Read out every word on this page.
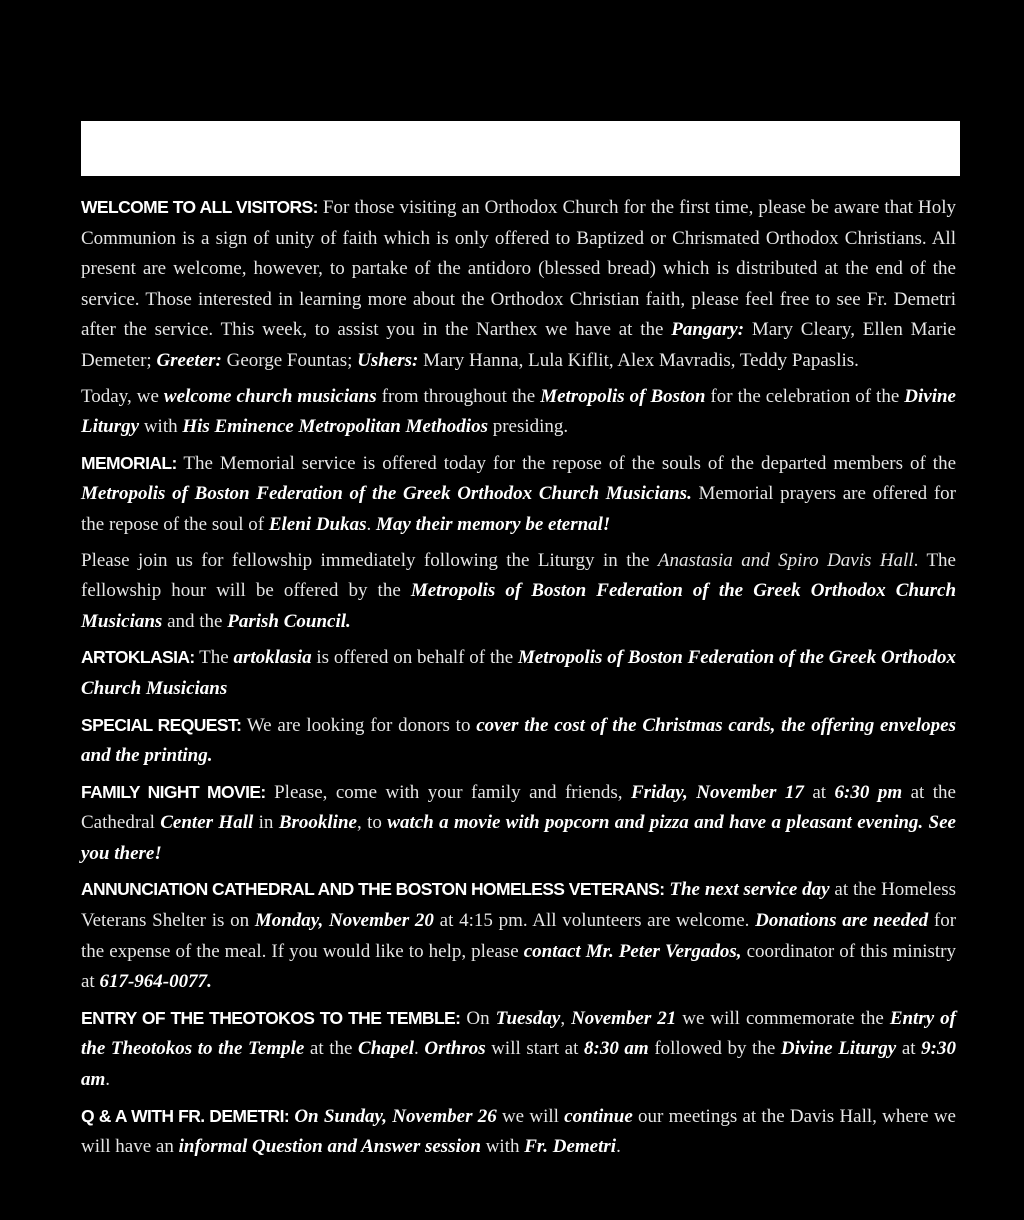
WELCOME TO ALL VISITORS: For those visiting an Orthodox Church for the first time, please be aware that Holy Communion is a sign of unity of faith which is only offered to Baptized or Chrismated Orthodox Christians. All present are welcome, however, to partake of the antidoro (blessed bread) which is distributed at the end of the service. Those interested in learning more about the Orthodox Christian faith, please feel free to see Fr. Demetri after the service. This week, to assist you in the Narthex we have at the Pangary: Mary Cleary, Ellen Marie Demeter; Greeter: George Fountas; Ushers: Mary Hanna, Lula Kiflit, Alex Mavradis, Teddy Papaslis.

Today, we welcome church musicians from throughout the Metropolis of Boston for the celebration of the Divine Liturgy with His Eminence Metropolitan Methodios presiding.

MEMORIAL: The Memorial service is offered today for the repose of the souls of the departed members of the Metropolis of Boston Federation of the Greek Orthodox Church Musicians. Memorial prayers are offered for the repose of the soul of Eleni Dukas. May their memory be eternal!

Please join us for fellowship immediately following the Liturgy in the Anastasia and Spiro Davis Hall. The fellowship hour will be offered by the Metropolis of Boston Federation of the Greek Orthodox Church Musicians and the Parish Council.

ARTOKLASIA: The artoklasia is offered on behalf of the Metropolis of Boston Federation of the Greek Orthodox Church Musicians

SPECIAL REQUEST: We are looking for donors to cover the cost of the Christmas cards, the offering envelopes and the printing.

FAMILY NIGHT MOVIE: Please, come with your family and friends, Friday, November 17 at 6:30 pm at the Cathedral Center Hall in Brookline, to watch a movie with popcorn and pizza and have a pleasant evening. See you there!

ANNUNCIATION CATHEDRAL AND THE BOSTON HOMELESS VETERANS: The next service day at the Homeless Veterans Shelter is on Monday, November 20 at 4:15 pm. All volunteers are welcome. Donations are needed for the expense of the meal. If you would like to help, please contact Mr. Peter Vergados, coordinator of this ministry at 617-964-0077.

ENTRY OF THE THEOTOKOS TO THE TEMBLE: On Tuesday, November 21 we will commemorate the Entry of the Theotokos to the Temple at the Chapel. Orthros will start at 8:30 am followed by the Divine Liturgy at 9:30 am.

Q & A WITH FR. DEMETRI: On Sunday, November 26 we will continue our meetings at the Davis Hall, where we will have an informal Question and Answer session with Fr. Demetri.
